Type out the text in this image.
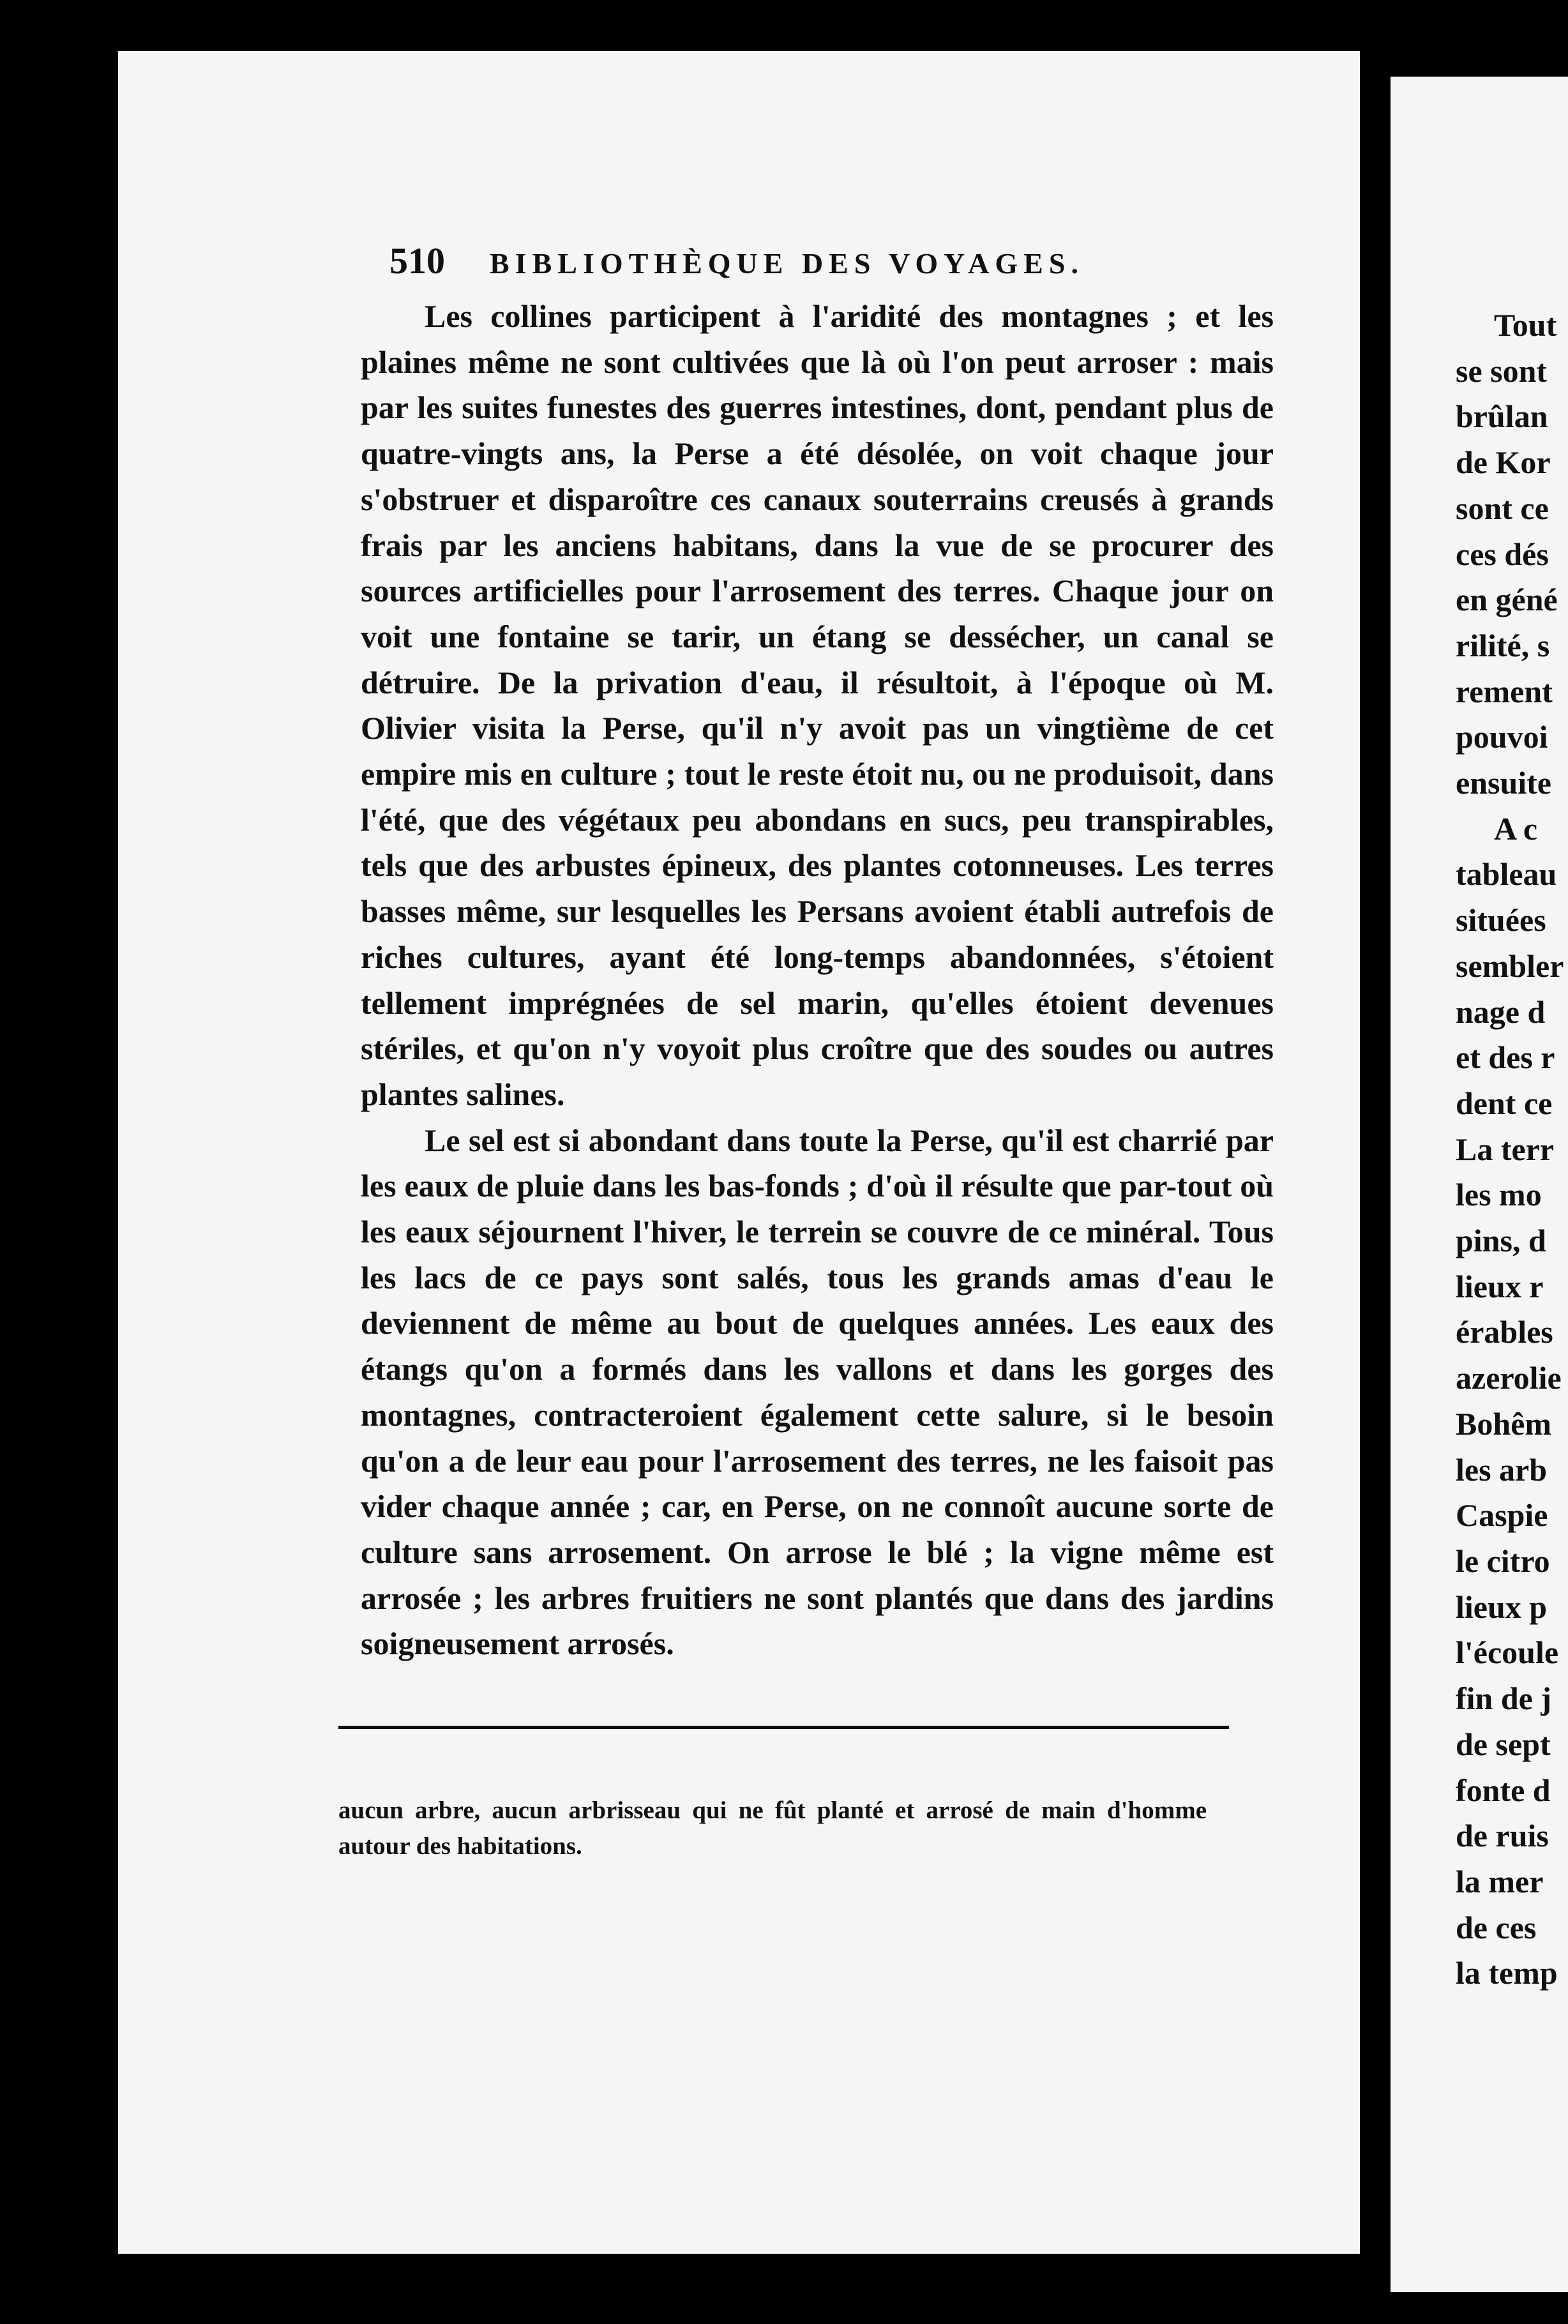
510 BIBLIOTHÈQUE DES VOYAGES.

Les collines participent à l'aridité des montagnes ; et les plaines même ne sont cultivées que là où l'on peut arroser : mais par les suites funestes des guerres intestines, dont, pendant plus de quatre-vingts ans, la Perse a été désolée, on voit chaque jour s'obstruer et disparoître ces canaux souterrains creusés à grands frais par les anciens habitans, dans la vue de se procurer des sources artificielles pour l'arrosement des terres. Chaque jour on voit une fontaine se tarir, un étang se dessécher, un canal se détruire. De la privation d'eau, il résultoit, à l'époque où M. Olivier visita la Perse, qu'il n'y avoit pas un vingtième de cet empire mis en culture ; tout le reste étoit nu, ou ne produisoit, dans l'été, que des végétaux peu abondans en sucs, peu transpirables, tels que des arbustes épineux, des plantes cotonneuses. Les terres basses même, sur lesquelles les Persans avoient établi autrefois de riches cultures, ayant été long-temps abandonnées, s'étoient tellement imprégnées de sel marin, qu'elles étoient devenues stériles, et qu'on n'y voyoit plus croître que des soudes ou autres plantes salines.

Le sel est si abondant dans toute la Perse, qu'il est charrié par les eaux de pluie dans les bas-fonds ; d'où il résulte que par-tout où les eaux séjournent l'hiver, le terrein se couvre de ce minéral. Tous les lacs de ce pays sont salés, tous les grands amas d'eau le deviennent de même au bout de quelques années. Les eaux des étangs qu'on a formés dans les vallons et dans les gorges des montagnes, contracteroient également cette salure, si le besoin qu'on a de leur eau pour l'arrosement des terres, ne les faisoit pas vider chaque année ; car, en Perse, on ne connoît aucune sorte de culture sans arrosement. On arrose le blé ; la vigne même est arrosée ; les arbres fruitiers ne sont plantés que dans des jardins soigneusement arrosés.

aucun arbre, aucun arbrisseau qui ne fût planté et arrosé de main d'homme autour des habitations.

Tout
se sont
brûlan
de Kor
sont ce
ces dés
en géné
rilité, s
rement
pouvoi
ensuite
A c
tableau
situées
sembler
nage d
et des r
dent ce
La terr
les mo
pins, d
lieux r
érables
azerolie
Bohêm
les arb
Caspie
le citro
lieux p
l'écoule
fin de j
de sept
fonte d
de ruis
la mer
de ces
la temp
